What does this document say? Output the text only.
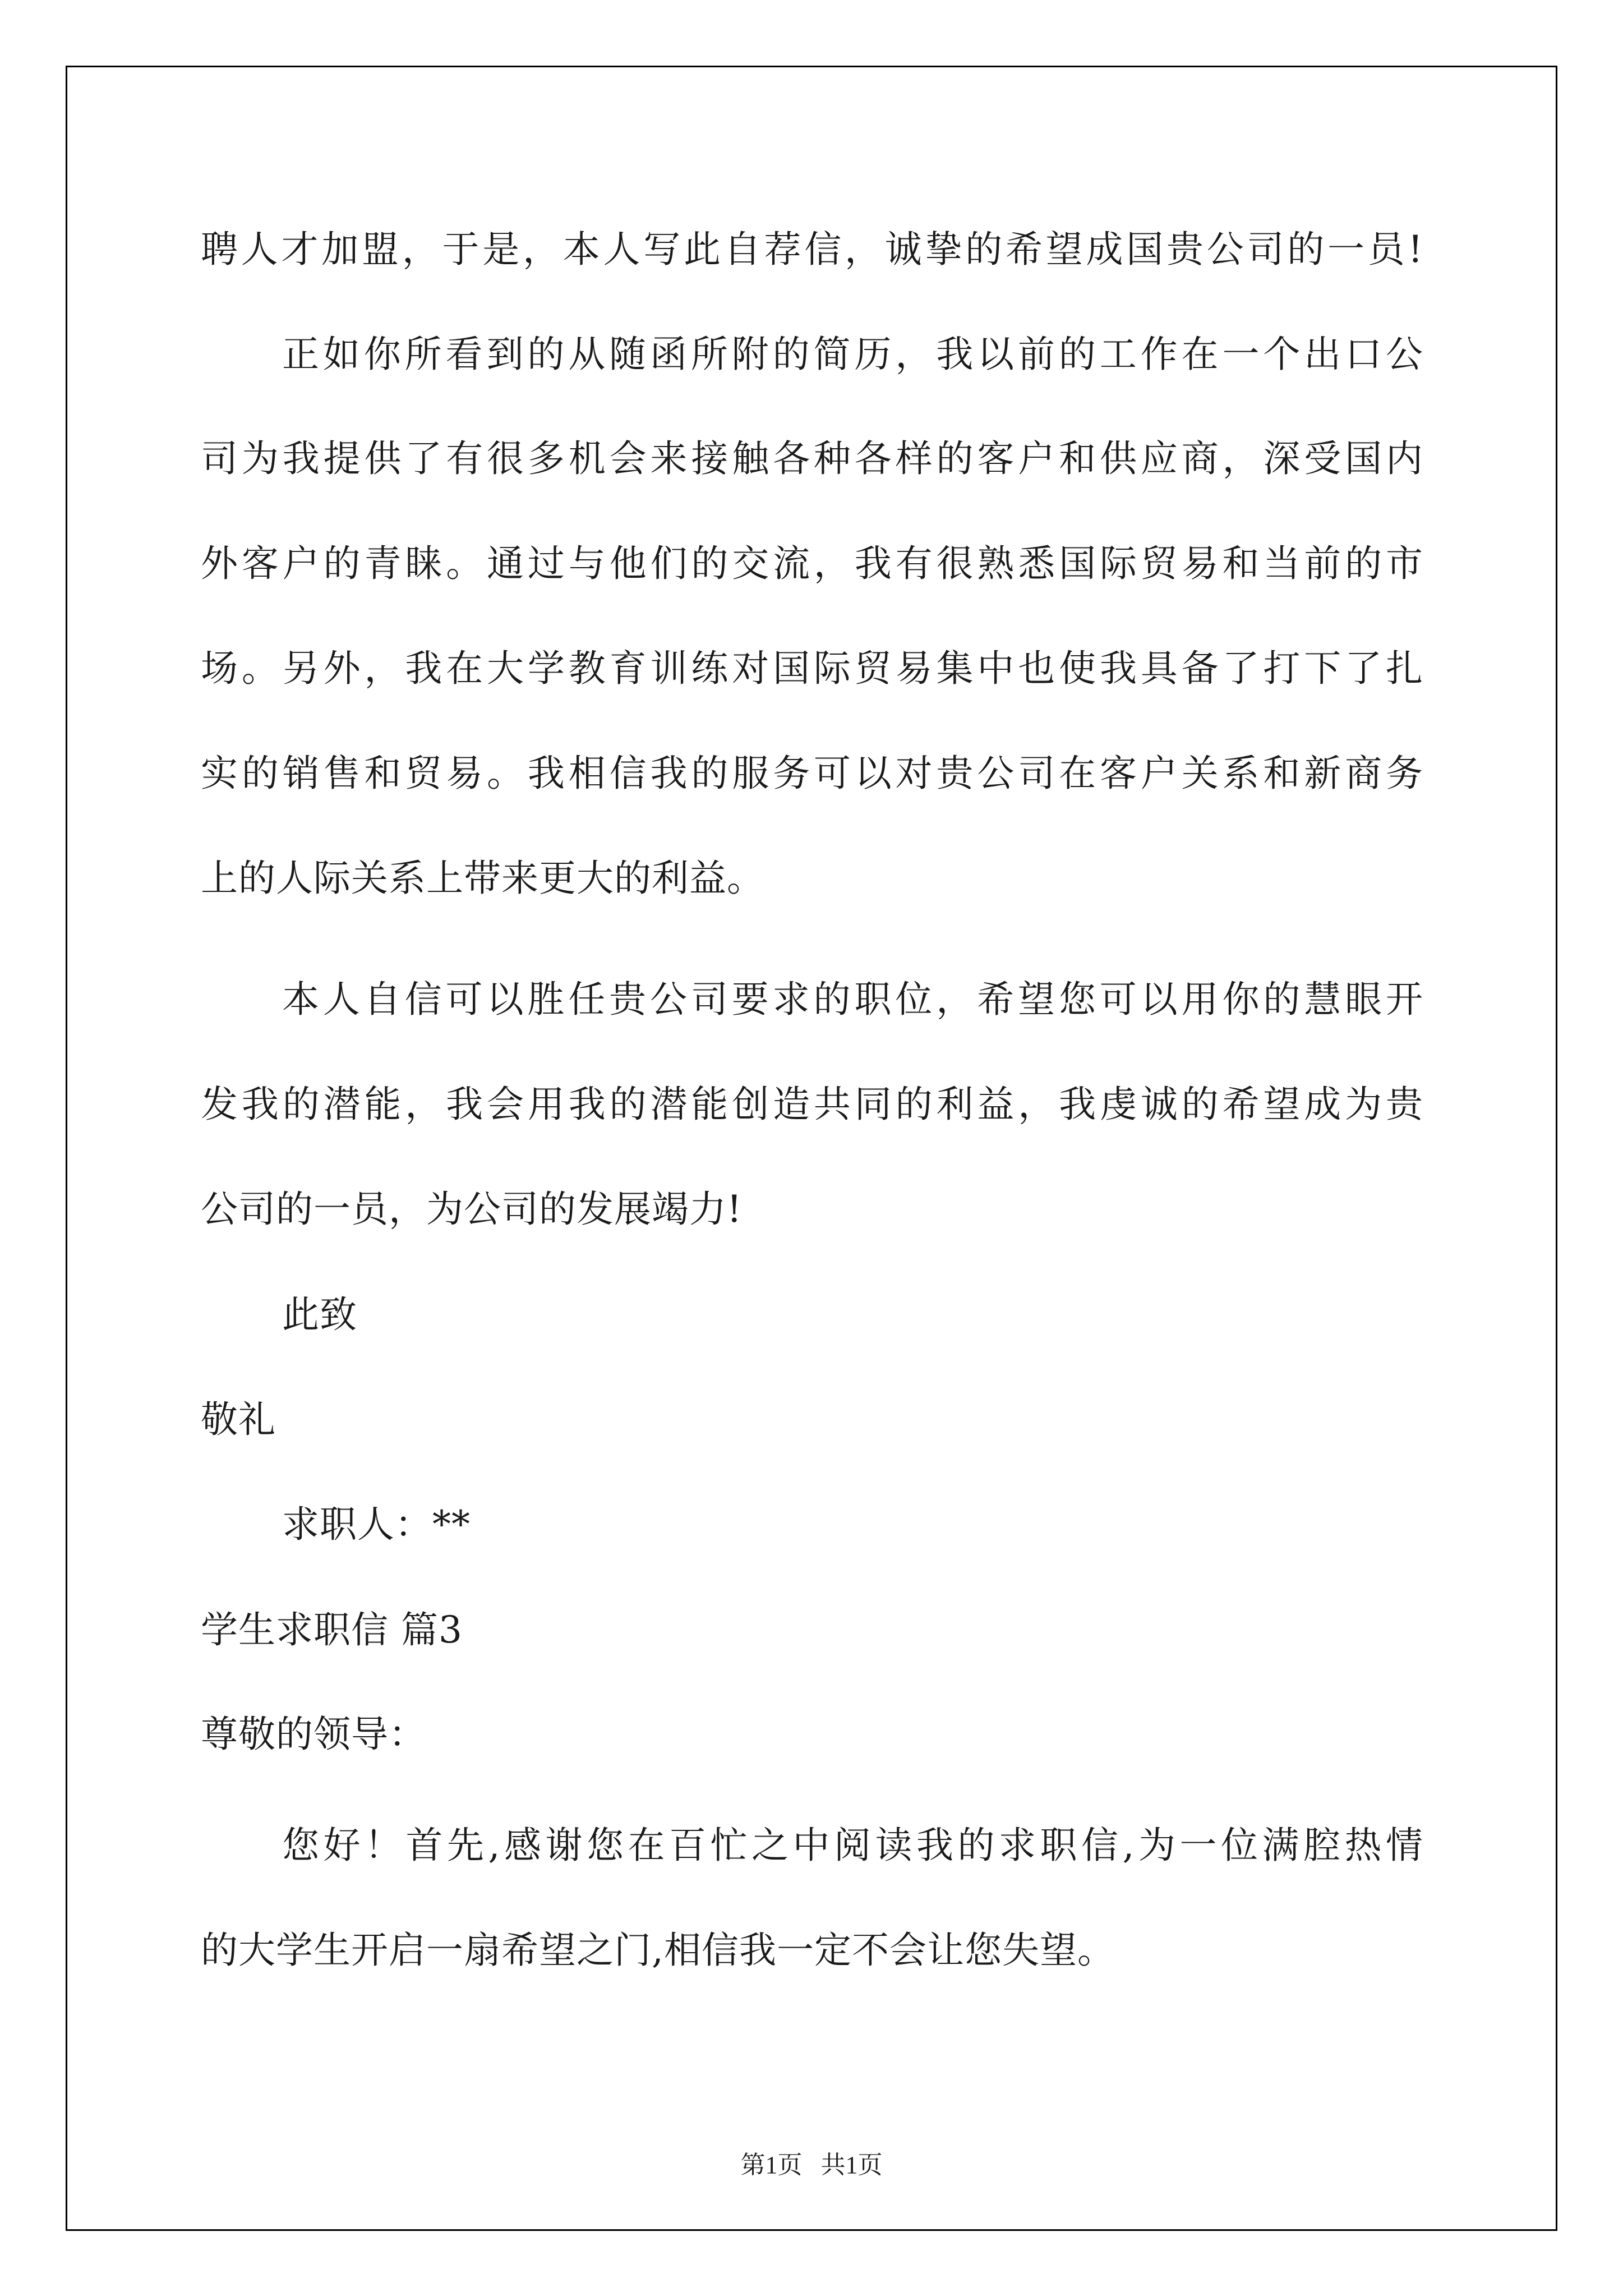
聘人才加盟，于是，本人写此自荐信，诚挚的希望成国贵公司的一员!
正如你所看到的从随函所附的简历，我以前的工作在一个出口公
司为我提供了有很多机会来接触各种各样的客户和供应商，深受国内
外客户的青睐。通过与他们的交流，我有很熟悉国际贸易和当前的市
场。另外，我在大学教育训练对国际贸易集中也使我具备了打下了扎
实的销售和贸易。我相信我的服务可以对贵公司在客户关系和新商务
上的人际关系上带来更大的利益。
本人自信可以胜任贵公司要求的职位，希望您可以用你的慧眼开
发我的潜能，我会用我的潜能创造共同的利益，我虔诚的希望成为贵
公司的一员，为公司的发展竭力!
此致
敬礼
求职人：**
学生求职信 篇3
尊敬的领导：
您好！首先,感谢您在百忙之中阅读我的求职信,为一位满腔热情
的大学生开启一扇希望之门,相信我一定不会让您失望。
第1页   共1页
